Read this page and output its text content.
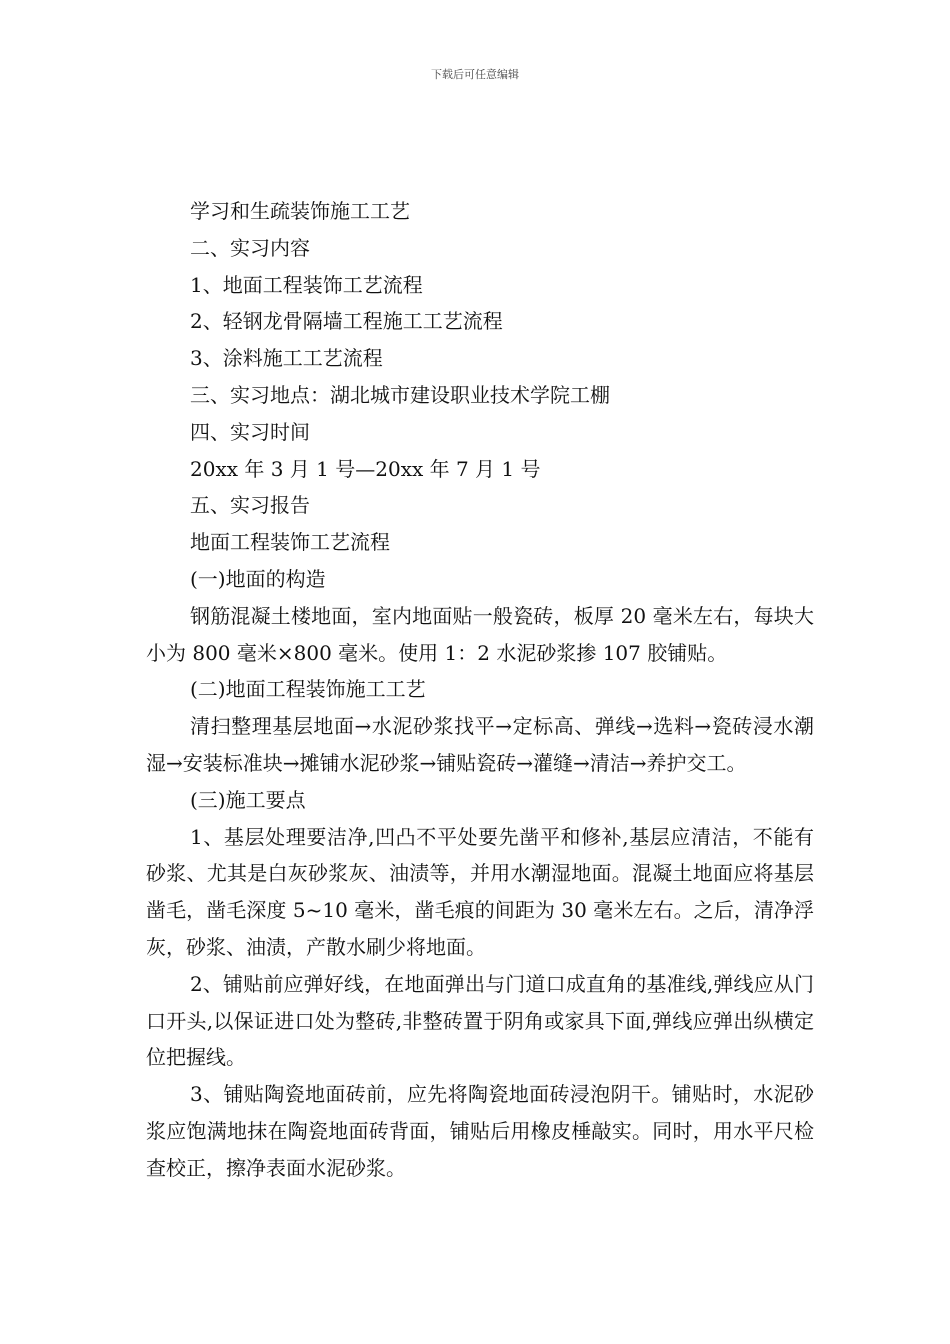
下载后可任意编辑
学习和生疏装饰施工工艺
二、实习内容
1、地面工程装饰工艺流程
2、轻钢龙骨隔墙工程施工工艺流程
3、涂料施工工艺流程
三、实习地点：湖北城市建设职业技术学院工棚
四、实习时间
20xx 年 3 月 1 号—20xx 年 7 月 1 号
五、实习报告
地面工程装饰工艺流程
(一)地面的构造

钢筋混凝土楼地面，室内地面贴一般瓷砖，板厚 20 毫米左右，每块大小为 800 毫米×800 毫米。使用 1：2 水泥砂浆掺 107 胶铺贴。

(二)地面工程装饰施工工艺

清扫整理基层地面→水泥砂浆找平→定标高、弹线→选料→瓷砖浸水潮湿→安装标准块→摊铺水泥砂浆→铺贴瓷砖→灌缝→清洁→养护交工。

(三)施工要点

1、基层处理要洁净,凹凸不平处要先凿平和修补,基层应清洁，不能有砂浆、尤其是白灰砂浆灰、油渍等，并用水潮湿地面。混凝土地面应将基层凿毛，凿毛深度 5~10 毫米，凿毛痕的间距为 30 毫米左右。之后，清净浮灰，砂浆、油渍，产散水刷少将地面。

2、铺贴前应弹好线，在地面弹出与门道口成直角的基准线,弹线应从门口开头,以保证进口处为整砖,非整砖置于阴角或家具下面,弹线应弹出纵横定位把握线。

3、铺贴陶瓷地面砖前，应先将陶瓷地面砖浸泡阴干。铺贴时，水泥砂浆应饱满地抹在陶瓷地面砖背面，铺贴后用橡皮棰敲实。同时，用水平尺检查校正，擦净表面水泥砂浆。
